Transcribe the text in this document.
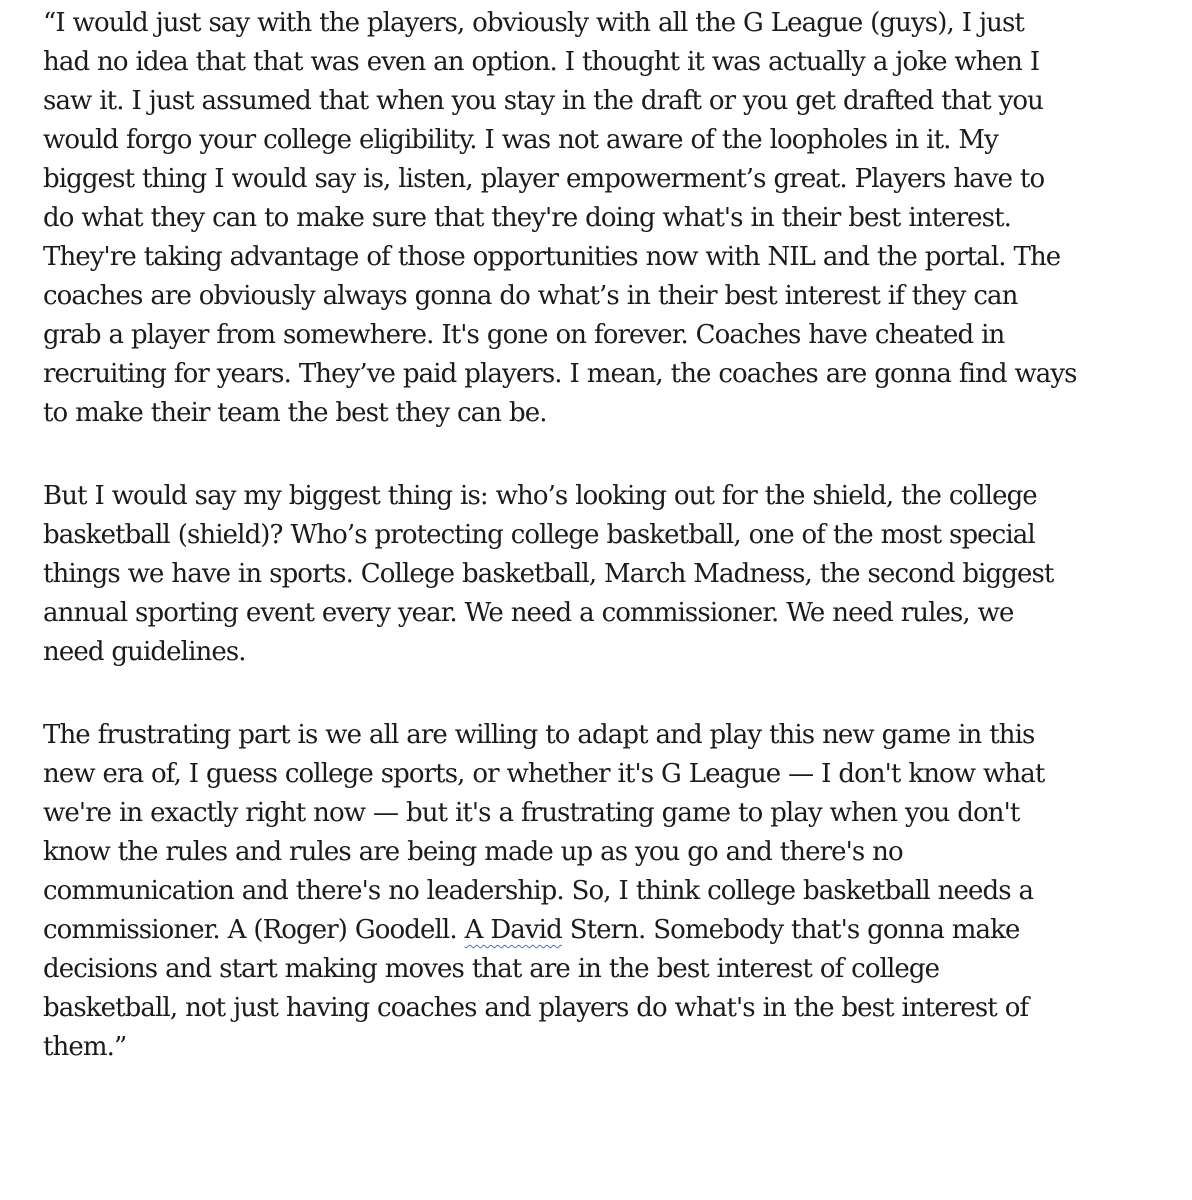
“I would just say with the players, obviously with all the G League (guys), I just
had no idea that that was even an option. I thought it was actually a joke when I
saw it. I just assumed that when you stay in the draft or you get drafted that you
would forgo your college eligibility. I was not aware of the loopholes in it. My
biggest thing I would say is, listen, player empowerment’s great. Players have to
do what they can to make sure that they're doing what's in their best interest.
They're taking advantage of those opportunities now with NIL and the portal. The
coaches are obviously always gonna do what’s in their best interest if they can
grab a player from somewhere. It's gone on forever. Coaches have cheated in
recruiting for years. They’ve paid players. I mean, the coaches are gonna find ways
to make their team the best they can be.

But I would say my biggest thing is: who’s looking out for the shield, the college
basketball (shield)? Who’s protecting college basketball, one of the most special
things we have in sports. College basketball, March Madness, the second biggest
annual sporting event every year. We need a commissioner. We need rules, we
need guidelines.

The frustrating part is we all are willing to adapt and play this new game in this
new era of, I guess college sports, or whether it's G League — I don't know what
we're in exactly right now — but it's a frustrating game to play when you don't
know the rules and rules are being made up as you go and there's no
communication and there's no leadership. So, I think college basketball needs a
commissioner. A (Roger) Goodell. A David Stern. Somebody that's gonna make
decisions and start making moves that are in the best interest of college
basketball, not just having coaches and players do what's in the best interest of
them.”
